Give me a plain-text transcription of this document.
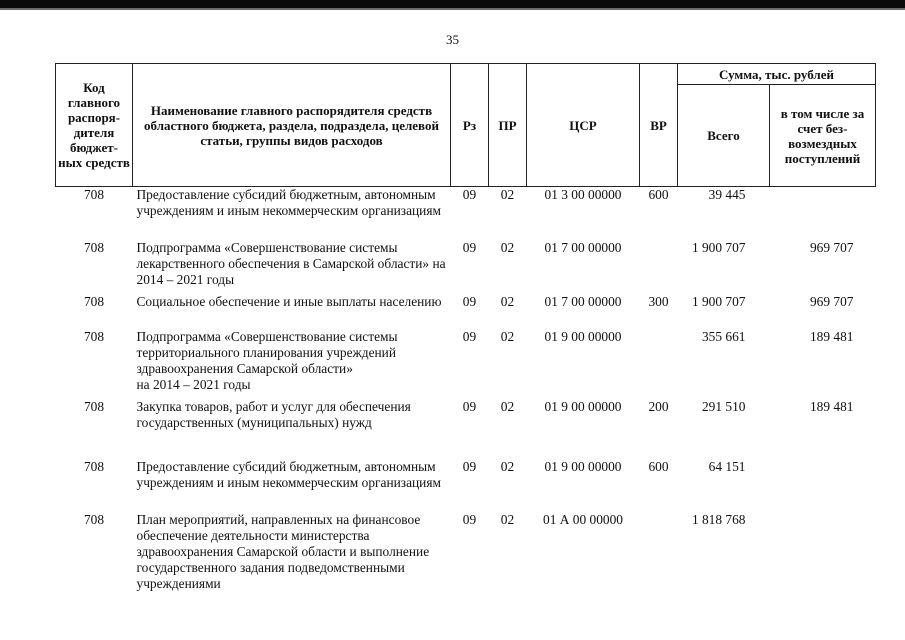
35
Код главного распоря-дителя бюджет-ных средств	Наименование главного распорядителя средств областного бюджета, раздела, подраздела, целевой статьи, группы видов расходов	Рз	ПР	ЦСР	ВР	Сумма, тыс. рублей	
						Всего	в том числе за счет без-возмездных поступлений
708	Предоставление субсидий бюджетным, автономным учреждениям и иным некоммерческим организациям	09	02	01 3 00 00000	600	39 445	
708	Подпрограмма «Совершенствование системы лекарственного обеспечения в Самарской области» на 2014 – 2021 годы	09	02	01 7 00 00000		1 900 707	969 707
708	Социальное обеспечение и иные выплаты населению	09	02	01 7 00 00000	300	1 900 707	969 707
708	Подпрограмма «Совершенствование системы территориального планирования учреждений здравоохранения Самарской области»
на 2014 – 2021 годы	09	02	01 9 00 00000		355 661	189 481
708	Закупка товаров, работ и услуг для обеспечения государственных (муниципальных) нужд	09	02	01 9 00 00000	200	291 510	189 481
708	Предоставление субсидий бюджетным, автономным учреждениям и иным некоммерческим организациям	09	02	01 9 00 00000	600	64 151	
708	План мероприятий, направленных на финансовое обеспечение деятельности министерства здравоохранения Самарской области и выполнение государственного задания подведомственными учреждениями	09	02	01 А 00 00000		1 818 768	
